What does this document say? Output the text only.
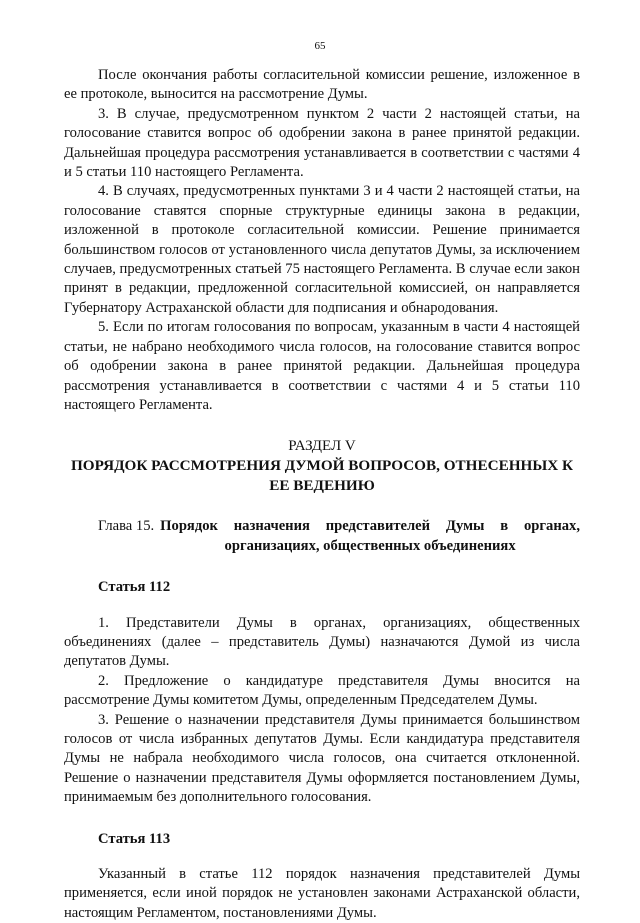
65

После окончания работы согласительной комиссии решение, изложенное в ее протоколе, выносится на рассмотрение Думы.

3. В случае, предусмотренном пунктом 2 части 2 настоящей статьи, на голосование ставится вопрос об одобрении закона в ранее принятой редакции. Дальнейшая процедура рассмотрения устанавливается в соответствии с частями 4 и 5 статьи 110 настоящего Регламента.

4. В случаях, предусмотренных пунктами 3 и 4 части 2 настоящей статьи, на голосование ставятся спорные структурные единицы закона в редакции, изложенной в протоколе согласительной комиссии. Решение принимается большинством голосов от установленного числа депутатов Думы, за исключением случаев, предусмотренных статьей 75 настоящего Регламента. В случае если закон принят в редакции, предложенной согласительной комиссией, он направляется Губернатору Астраханской области для подписания и обнародования.

5. Если по итогам голосования по вопросам, указанным в части 4 настоящей статьи, не набрано необходимого числа голосов, на голосование ставится вопрос об одобрении закона в ранее принятой редакции. Дальнейшая процедура рассмотрения устанавливается в соответствии с частями 4 и 5 статьи 110 настоящего Регламента.

РАЗДЕЛ V
ПОРЯДОК РАССМОТРЕНИЯ ДУМОЙ ВОПРОСОВ, ОТНЕСЕННЫХ К ЕЕ ВЕДЕНИЮ
Глава 15. Порядок назначения представителей Думы в органах, организациях, общественных объединениях
Статья 112

1. Представители Думы в органах, организациях, общественных объединениях (далее – представитель Думы) назначаются Думой из числа депутатов Думы.

2. Предложение о кандидатуре представителя Думы вносится на рассмотрение Думы комитетом Думы, определенным Председателем Думы.

3. Решение о назначении представителя Думы принимается большинством голосов от числа избранных депутатов Думы. Если кандидатура представителя Думы не набрала необходимого числа голосов, она считается отклоненной. Решение о назначении представителя Думы оформляется постановлением Думы, принимаемым без дополнительного голосования.

Статья 113

Указанный в статье 112 порядок назначения представителей Думы применяется, если иной порядок не установлен законами Астраханской области, настоящим Регламентом, постановлениями Думы.
